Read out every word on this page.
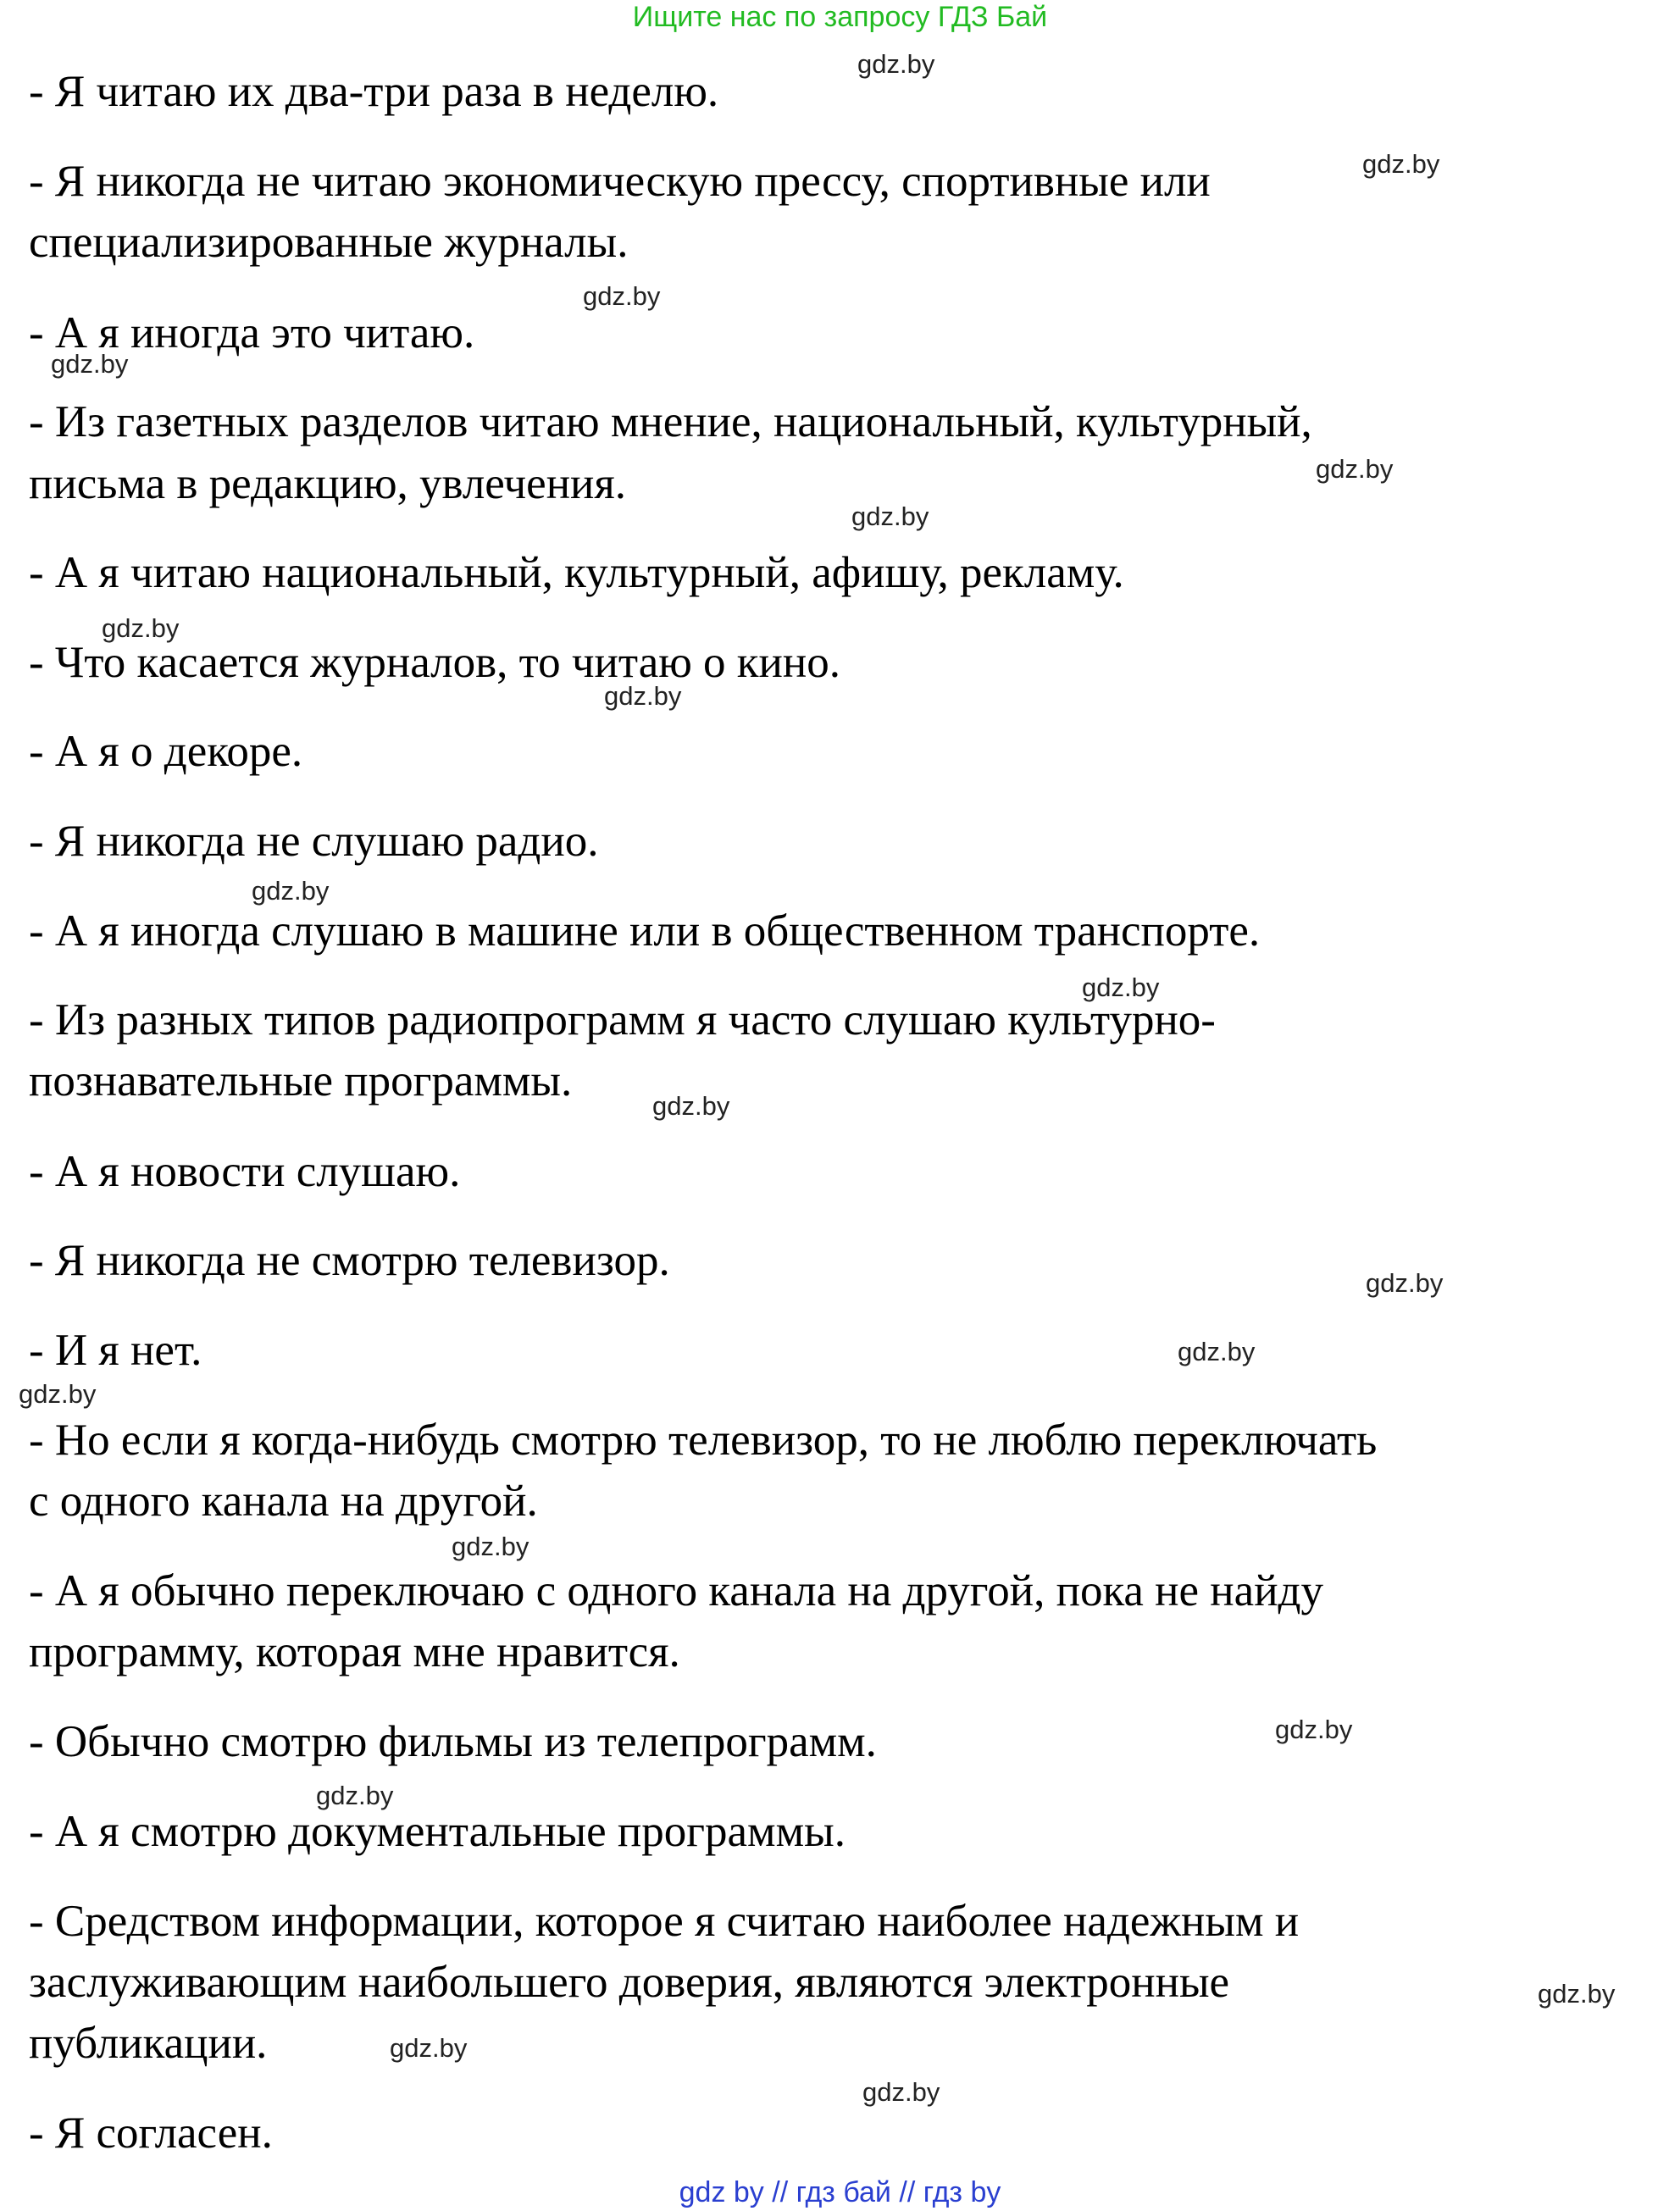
Ищите нас по запросу ГДЗ Бай
- Я читаю их два-три раза в неделю.
- Я никогда не читаю экономическую прессу, спортивные или
специализированные журналы.
- А я иногда это читаю.
- Из газетных разделов читаю мнение, национальный, культурный,
письма в редакцию, увлечения.
- А я читаю национальный, культурный, афишу, рекламу.
- Что касается журналов, то читаю о кино.
- А я о декоре.
- Я никогда не слушаю радио.
- А я иногда слушаю в машине или в общественном транспорте.
- Из разных типов радиопрограмм я часто слушаю культурно-
познавательные программы.
- А я новости слушаю.
- Я никогда не смотрю телевизор.
- И я нет.
- Но если я когда-нибудь смотрю телевизор, то не люблю переключать
с одного канала на другой.
- А я обычно переключаю с одного канала на другой, пока не найду
программу, которая мне нравится.
- Обычно смотрю фильмы из телепрограмм.
- А я смотрю документальные программы.
- Средством информации, которое я считаю наиболее надежным и
заслуживающим наибольшего доверия, являются электронные
публикации.
- Я согласен.
gdz.by
gdz.by
gdz.by
gdz.by
gdz.by
gdz.by
gdz.by
gdz.by
gdz.by
gdz.by
gdz.by
gdz.by
gdz.by
gdz.by
gdz.by
gdz.by
gdz.by
gdz.by
gdz.by
gdz.by
gdz by // гдз бай // гдз by
